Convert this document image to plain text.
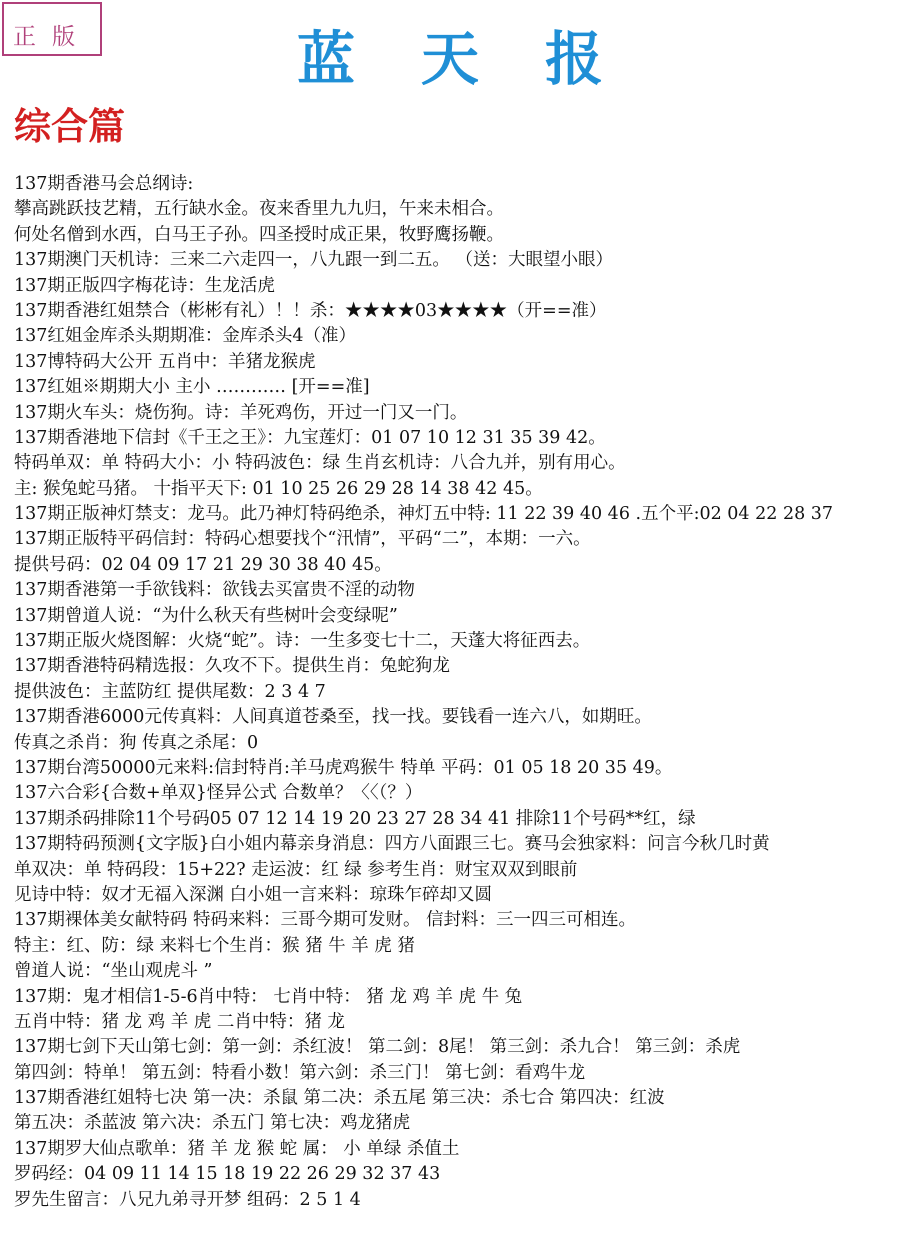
正版	蓝天报
综合篇
137期香港马会总纲诗:
攀高跳跃技艺精，五行缺水金。夜来香里九九归，午来未相合。
何处名僧到水西，白马王子孙。四圣授时成正果，牧野鹰扬鞭。
137期澳门天机诗：三来二六走四一，八九跟一到二五。 （送：大眼望小眼）
137期正版四字梅花诗：生龙活虎
137期香港红姐禁合（彬彬有礼）！！杀：★★★★03★★★★（开==准）
137红姐金库杀头期期准：金库杀头4（准）
137博特码大公开 五肖中：羊猪龙猴虎
137红姐※期期大小 主小 ………… [开==准]
137期火车头：烧伤狗。诗：羊死鸡伤，开过一门又一门。
137期香港地下信封《千王之王》：九宝莲灯：01 07 10 12 31 35 39 42。
特码单双：单 特码大小：小 特码波色：绿 生肖玄机诗：八合九并，别有用心。
主: 猴兔蛇马猪。 十指平天下: 01 10 25 26 29 28 14 38 42 45。
137期正版神灯禁支：龙马。此乃神灯特码绝杀，神灯五中特: 11 22 39 40 46 .五个平:02 04 22 28 37
137期正版特平码信封：特码心想要找个“汛情”，平码“二”，本期：一六。
提供号码：02 04 09 17 21 29 30 38 40 45。
137期香港第一手欲钱料：欲钱去买富贵不淫的动物
137期曾道人说：“为什么秋天有些树叶会变绿呢”
137期正版火烧图解：火烧“蛇”。诗：一生多变七十二，天蓬大将征西去。
137期香港特码精选报：久攻不下。提供生肖：兔蛇狗龙
提供波色：主蓝防红 提供尾数：2 3 4 7
137期香港6000元传真料：人间真道苍桑至，找一找。要钱看一连六八，如期旺。
传真之杀肖：狗 传真之杀尾：0
137期台湾50000元来料:信封特肖:羊马虎鸡猴牛 特单 平码：01 05 18 20 35 49。
137六合彩{合数+单双}怪异公式 合数单？〈〈（？）
137期杀码排除11个号码05 07 12 14 19 20 23 27 28 34 41 排除11个号码**红，绿
137期特码预测{文字版}白小姐内幕亲身消息：四方八面跟三七。赛马会独家料：问言今秋几时黄
单双决：单 特码段：15+22? 走运波：红 绿 参考生肖：财宝双双到眼前
见诗中特：奴才无福入深渊 白小姐一言来料：琼珠乍碎却又圆
137期裸体美女献特码 特码来料：三哥今期可发财。 信封料：三一四三可相连。
特主：红、防：绿 来料七个生肖：猴 猪 牛 羊 虎 猪
曾道人说：“坐山观虎斗 ”
137期：鬼才相信1-5-6肖中特： 七肖中特： 猪 龙 鸡 羊 虎 牛 兔
五肖中特：猪 龙 鸡 羊 虎 二肖中特：猪 龙
137期七剑下天山第七剑：第一剑：杀红波！ 第二剑：8尾！ 第三剑：杀九合！ 第三剑：杀虎
第四剑：特单！ 第五剑：特看小数！第六剑：杀三门！ 第七剑：看鸡牛龙
137期香港红姐特七决 第一决：杀鼠 第二决：杀五尾 第三决：杀七合 第四决：红波
第五决：杀蓝波 第六决：杀五门 第七决：鸡龙猪虎
137期罗大仙点歌单：猪 羊 龙 猴 蛇 属： 小 单绿 杀值土
罗码经：04 09 11 14 15 18 19 22 26 29 32 37 43
罗先生留言：八兄九弟寻开梦 组码：2 5 1 4
